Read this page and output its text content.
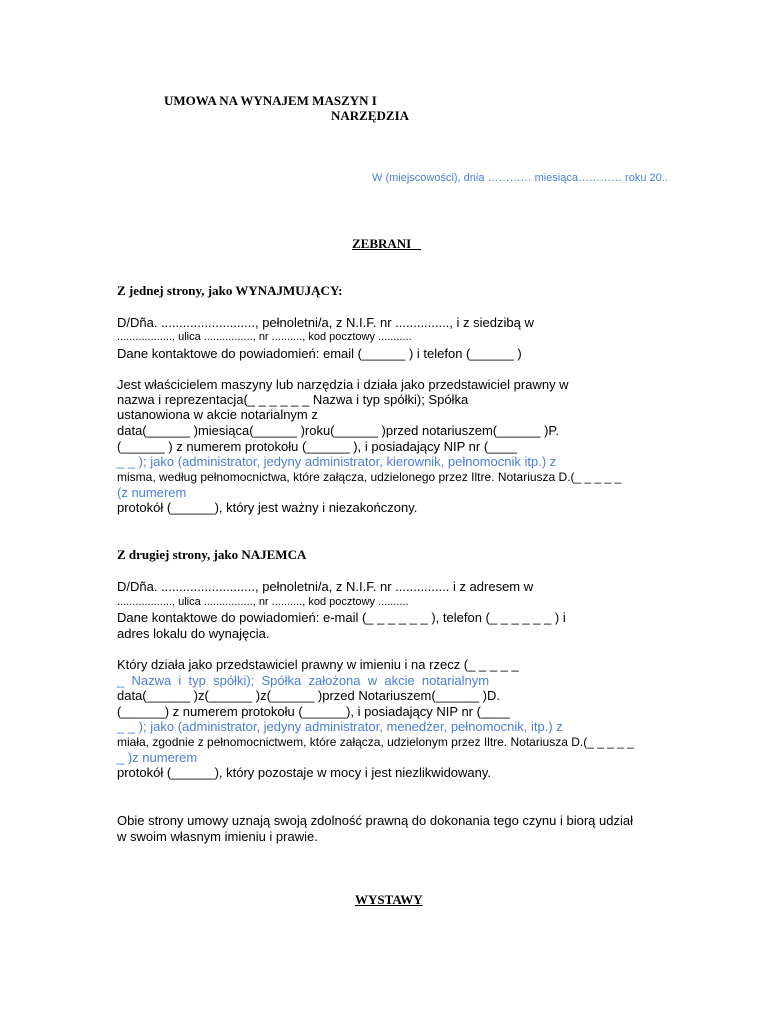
UMOWA NA WYNAJEM MASZYN I
NARZĘDZIA
W (miejscowości), dnia ………… miesiąca………… roku 20..
ZEBRANI
Z jednej strony, jako WYNAJMUJĄCY:
D/Dña. .........................., pełnoletni/a, z N.I.F. nr ..............., i z siedzibą w
.................., ulica ................, nr .........., kod pocztowy ...........
Dane kontaktowe do powiadomień: email (______ ) i telefon (______ )
Jest właścicielem maszyny lub narzędzia i działa jako przedstawiciel prawny w
nazwa i reprezentacja(_ _ _ _ _ _ Nazwa i typ spółki); Spółka
ustanowiona w akcie notarialnym z
data(______ )miesiąca(______ )roku(______ )przed notariuszem(______ )P.
(______ ) z numerem protokołu (______ ), i posiadający NIP nr (____
_ _ ); jako (administrator, jedyny administrator, kierownik, pełnomocnik itp.) z
misma, według pełnomocnictwa, które załącza, udzielonego przez Iltre. Notariusza D.(_ _ _ _ _
(z numerem
protokół (______), który jest ważny i niezakończony.
Z drugiej strony, jako NAJEMCA
D/Dña. .........................., pełnoletni/a, z N.I.F. nr ............... i z adresem w
.................., ulica ................, nr .........., kod pocztowy ..........
Dane kontaktowe do powiadomień: e-mail (_ _ _ _ _ _ ), telefon (_ _ _ _ _ _ ) i
adres lokalu do wynajęcia.
Który działa jako przedstawiciel prawny w imieniu i na rzecz (_ _ _ _ _
_  Nazwa  i  typ  spółki);  Spółka  założona  w  akcie  notarialnym
data(______ )z(______ )z(______ )przed Notariuszem(______ )D.
(______) z numerem protokołu (______), i posiadający NIP nr (____
_ _ ); jako (administrator, jedyny administrator, menedżer, pełnomocnik, itp.) z
miała, zgodnie z pełnomocnictwem, które załącza, udzielonym przez Iltre. Notariusza D.(_ _ _ _ _
_ )z numerem
protokół (______), który pozostaje w mocy i jest niezlikwidowany.
Obie strony umowy uznają swoją zdolność prawną do dokonania tego czynu i biorą udział
w swoim własnym imieniu i prawie.
WYSTAWY
